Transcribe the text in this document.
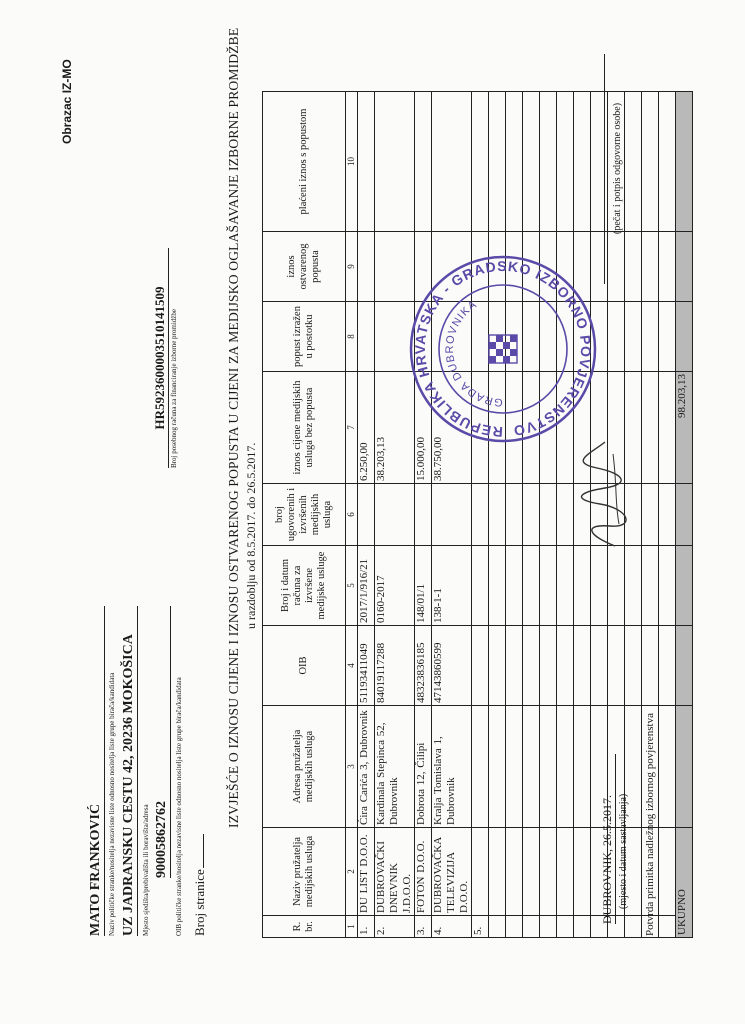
Obrazac IZ-MO
MATO FRANKOVIĆ Naziv političke stranke/nositelja nezavisne liste odnosno nositelja liste grupe birača/kandidata UZ JADRANSKU CESTU 42, 20236 MOKOŠICA Mjesto sjedišta/prebivališta ili boravišta/adresa 90005862762 OIB političke stranke/nositelja nezavisne liste odnosno nositelja liste grupe birača/kandidata Broj stranice
HR5923600003510141509 Broj posebnog računa za financiranje izborne promidžbe	IZVJEŠĆE O IZNOSU CIJENE I IZNOSU OSTVARENOG POPUSTA U CIJENI ZA MEDIJSKO OGLAŠAVANJE IZBORNE PROMIDŽBE u razdoblju od 8.5.2017. do 26.5.2017.
R. br.	Naziv pružatelja medijskih usluga	Adresa pružatelja medijskih usluga	OIB	Broj i datum računa za izvršene medijske usluge	broj ugovorenih i izvršenih medijskih usluga	iznos cijene medijskih usluga bez popusta	popust izražen u postotku	iznos ostvarenog popusta	plaćeni iznos s popustom
1	2	3	4	5	6	7	8	9	10
1.	DU LIST D.O.O.	Ćira Carića 3, Dubrovnik	51193411049	2017/1/916/21		6.250,00			
2.	DUBROVAČKI DNEVNIK J.D.O.O.	Kardinala Stepinca 52, Dubrovnik	84019117288	0160-2017		38.203,13			
3.	FOTON D.O.O.	Dobrota 12, Čilipi	48323836185	148/01/1		15.000,00			
4.	DUBROVAČKA TELEVIZIJA D.O.O.	Kralja Tomislava 1, Dubrovnik	47143860599	138-1-1		38.750,00			
5.									

UKUPNO						98.203,13			
DUBROVNIK, 26.5.2017. (mjesto i datum sastavljanja) Potvrda primitka nadležnog izbornog povjerenstva
(pečat i potpis odgovorne osobe)
REPUBLIKA HRVATSKA - GRADSKO IZBORNO POVJERENSTVO
GRADA DUBROVNIKA
